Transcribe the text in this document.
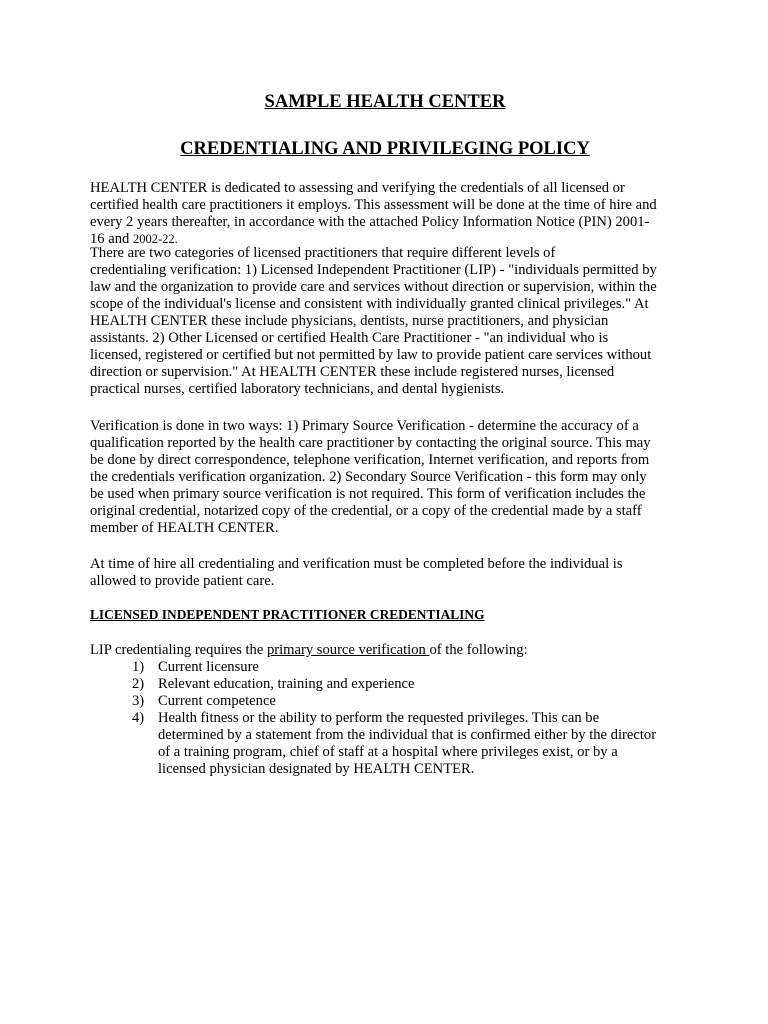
SAMPLE HEALTH CENTER
CREDENTIALING AND PRIVILEGING POLICY

HEALTH CENTER is dedicated to assessing and verifying the credentials of all licensed or
certified health care practitioners it employs. This assessment will be done at the time of hire and
every 2 years thereafter, in accordance with the attached Policy Information Notice (PIN) 2001-
16 and 2002-22.

There are two categories of licensed practitioners that require different levels of
credentialing verification: 1) Licensed Independent Practitioner (LIP) - "individuals permitted by
law and the organization to provide care and services without direction or supervision, within the
scope of the individual's license and consistent with individually granted clinical privileges." At
HEALTH CENTER these include physicians, dentists, nurse practitioners, and physician
assistants. 2) Other Licensed or certified Health Care Practitioner - "an individual who is
licensed, registered or certified but not permitted by law to provide patient care services without
direction or supervision." At HEALTH CENTER these include registered nurses, licensed
practical nurses, certified laboratory technicians, and dental hygienists.

Verification is done in two ways: 1) Primary Source Verification - determine the accuracy of a
qualification reported by the health care practitioner by contacting the original source. This may
be done by direct correspondence, telephone verification, Internet verification, and reports from
the credentials verification organization. 2) Secondary Source Verification - this form may only
be used when primary source verification is not required. This form of verification includes the
original credential, notarized copy of the credential, or a copy of the credential made by a staff
member of HEALTH CENTER.

At time of hire all credentialing and verification must be completed before the individual is
allowed to provide patient care.

LICENSED INDEPENDENT PRACTITIONER CREDENTIALING

LIP credentialing requires the primary source verification of the following:

1) Current licensure
2) Relevant education, training and experience
3) Current competence
4) Health fitness or the ability to perform the requested privileges. This can be
determined by a statement from the individual that is confirmed either by the director
of a training program, chief of staff at a hospital where privileges exist, or by a
licensed physician designated by HEALTH CENTER.
